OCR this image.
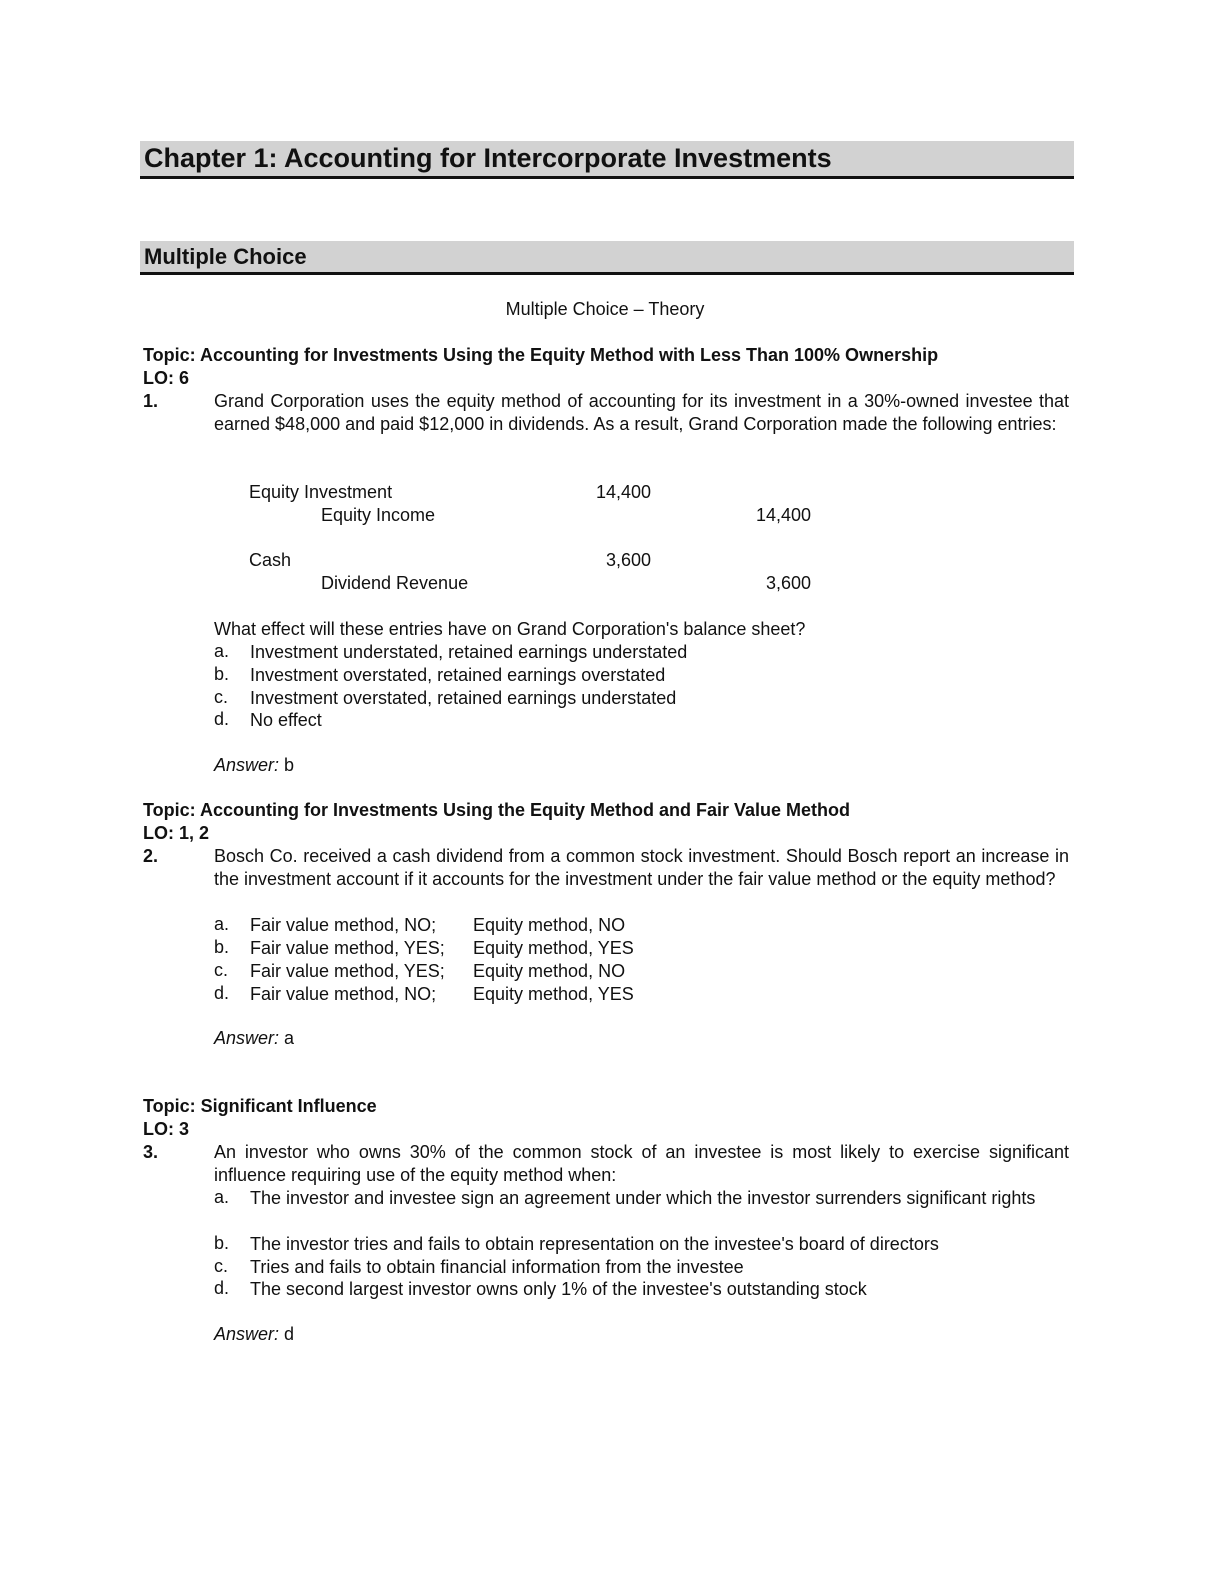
Chapter 1: Accounting for Intercorporate Investments
Multiple Choice
Multiple Choice – Theory
Topic: Accounting for Investments Using the Equity Method with Less Than 100% Ownership
LO: 6
1.	Grand Corporation uses the equity method of accounting for its investment in a 30%-owned investee that earned $48,000 and paid $12,000 in dividends. As a result, Grand Corporation made the following entries:
Equity Investment	14,400
Equity Income	14,400
Cash	3,600
Dividend Revenue	3,600
What effect will these entries have on Grand Corporation's balance sheet?
a. Investment understated, retained earnings understated
b. Investment overstated, retained earnings overstated
c. Investment overstated, retained earnings understated
d. No effect
Answer: b
Topic: Accounting for Investments Using the Equity Method and Fair Value Method
LO: 1, 2
2.	Bosch Co. received a cash dividend from a common stock investment. Should Bosch report an increase in the investment account if it accounts for the investment under the fair value method or the equity method?
a. Fair value method, NO; Equity method, NO
b. Fair value method, YES; Equity method, YES
c. Fair value method, YES; Equity method, NO
d. Fair value method, NO; Equity method, YES
Answer: a
Topic: Significant Influence
LO: 3
3.	An investor who owns 30% of the common stock of an investee is most likely to exercise significant influence requiring use of the equity method when:
a. The investor and investee sign an agreement under which the investor surrenders significant rights
b. The investor tries and fails to obtain representation on the investee's board of directors
c. Tries and fails to obtain financial information from the investee
d. The second largest investor owns only 1% of the investee's outstanding stock
Answer: d
